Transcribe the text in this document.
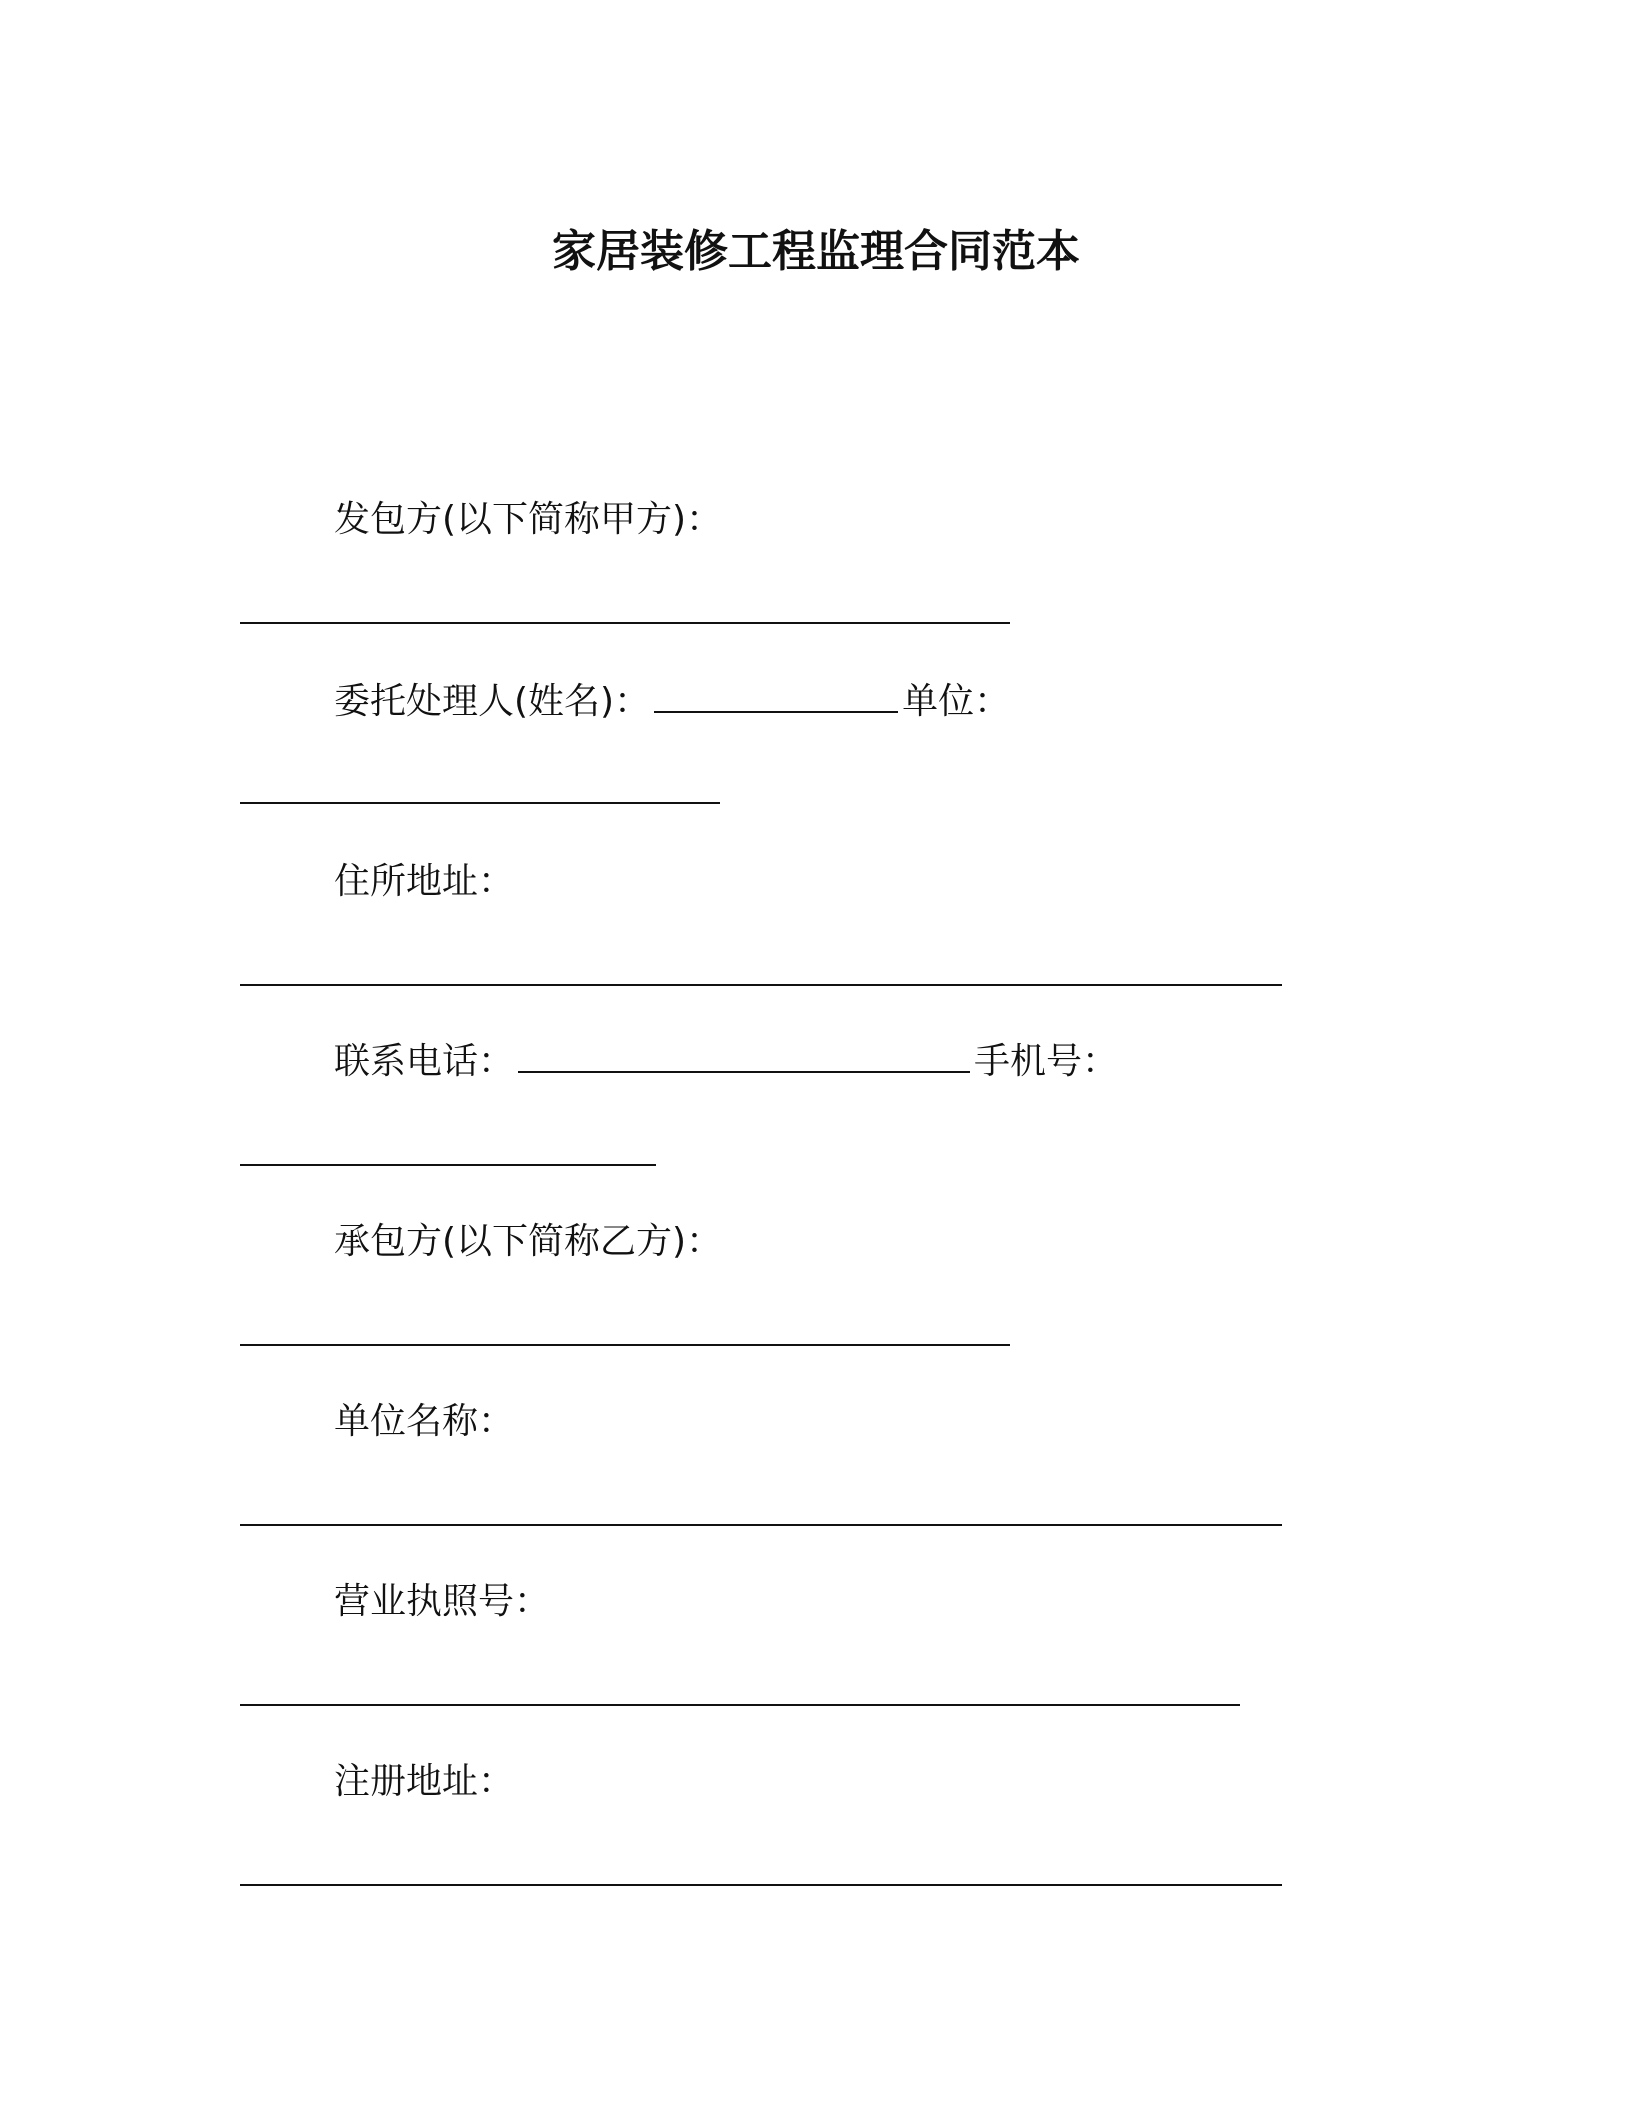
家居装修工程监理合同范本
发包方(以下简称甲方)：
委托处理人(姓名)：	单位：
住所地址：
联系电话：	手机号：
承包方(以下简称乙方)：
单位名称：
营业执照号：
注册地址：
